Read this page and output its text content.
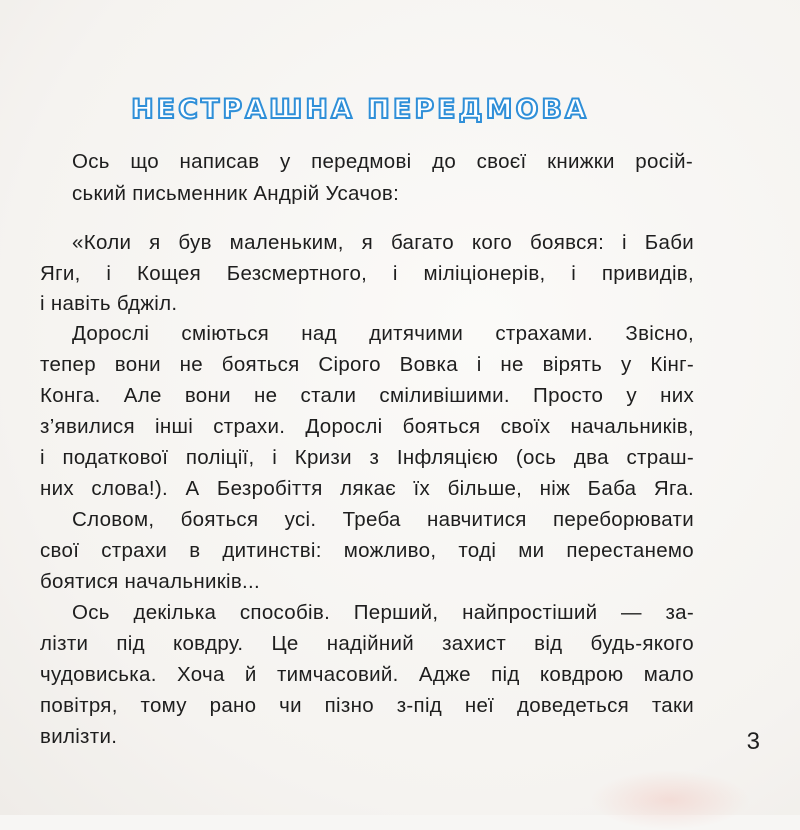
НЕСТРАШНА ПЕРЕДМОВА
Ось що написав у передмові до своєї книжки росій-
ський письменник Андрій Усачов:
«Коли я був маленьким, я багато кого боявся: і Баби
Яги, і Кощея Безсмертного, і міліціонерів, і привидів,
і навіть бджіл.
Дорослі сміються над дитячими страхами. Звісно,
тепер вони не бояться Сірого Вовка і не вірять у Кінг-
Конга. Але вони не стали сміливішими. Просто у них
з’явилися інші страхи. Дорослі бояться своїх начальників,
і податкової поліції, і Кризи з Інфляцією (ось два страш-
них слова!). А Безробіття лякає їх більше, ніж Баба Яга.
Словом, бояться усі. Треба навчитися переборювати
свої страхи в дитинстві: можливо, тоді ми перестанемо
боятися начальників...
Ось декілька способів. Перший, найпростіший — за-
лізти під ковдру. Це надійний захист від будь-якого
чудовиська. Хоча й тимчасовий. Адже під ковдрою мало
повітря, тому рано чи пізно з-під неї доведеться таки
вилізти.	3
